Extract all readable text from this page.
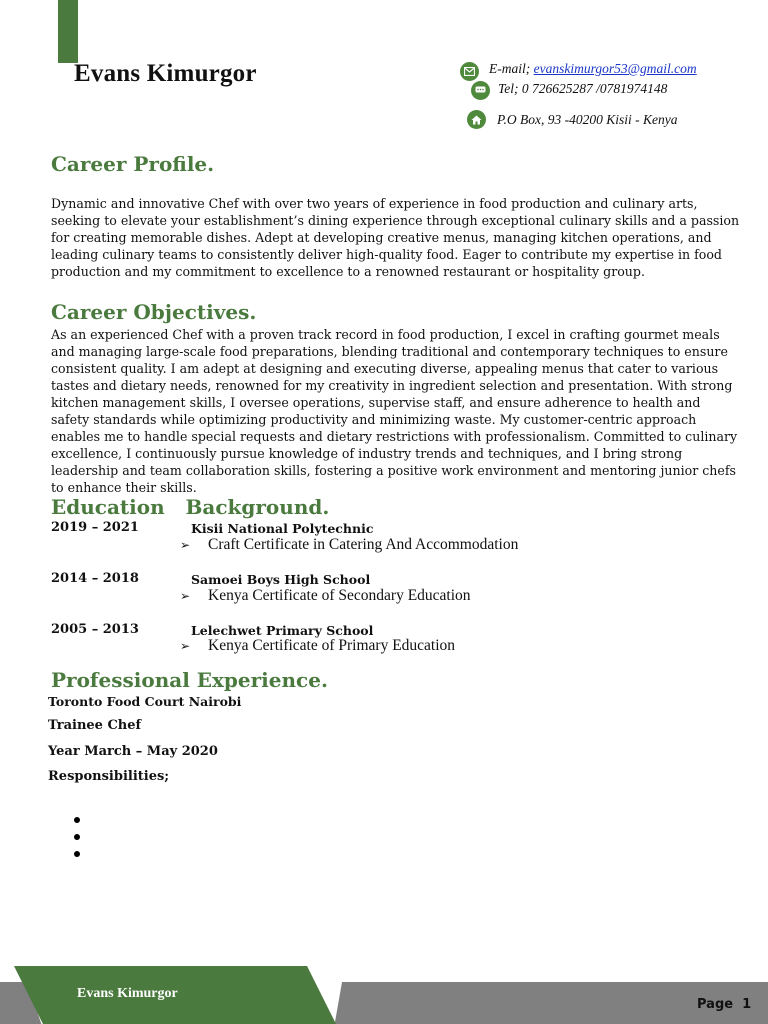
Evans Kimurgor	E-mail; evanskimurgor53@gmail.com
Tel; 0 726625287 /0781974148
P.O Box, 93 -40200 Kisii - Kenya
Career Profile.
Dynamic and innovative Chef with over two years of experience in food production and culinary arts, seeking to elevate your establishment’s dining experience through exceptional culinary skills and a passion for creating memorable dishes. Adept at developing creative menus, managing kitchen operations, and leading culinary teams to consistently deliver high-quality food. Eager to contribute my expertise in food production and my commitment to excellence to a renowned restaurant or hospitality group.
Career Objectives.
As an experienced Chef with a proven track record in food production, I excel in crafting gourmet meals and managing large-scale food preparations, blending traditional and contemporary techniques to ensure consistent quality. I am adept at designing and executing diverse, appealing menus that cater to various tastes and dietary needs, renowned for my creativity in ingredient selection and presentation. With strong kitchen management skills, I oversee operations, supervise staff, and ensure adherence to health and safety standards while optimizing productivity and minimizing waste. My customer-centric approach enables me to handle special requests and dietary restrictions with professionalism. Committed to culinary excellence, I continuously pursue knowledge of industry trends and techniques, and I bring strong leadership and team collaboration skills, fostering a positive work environment and mentoring junior chefs to enhance their skills.
Education   Background.
2019 – 2021	Kisii National Polytechnic
➢ Craft Certificate in Catering And Accommodation
2014 – 2018	Samoei Boys High School
➢ Kenya Certificate of Secondary Education
2005 – 2013	Lelechwet Primary School
➢ Kenya Certificate of Primary Education
Professional Experience.
Toronto Food Court Nairobi
Trainee Chef
Year March – May 2020
Responsibilities;
Evans Kimurgor
Page  1
